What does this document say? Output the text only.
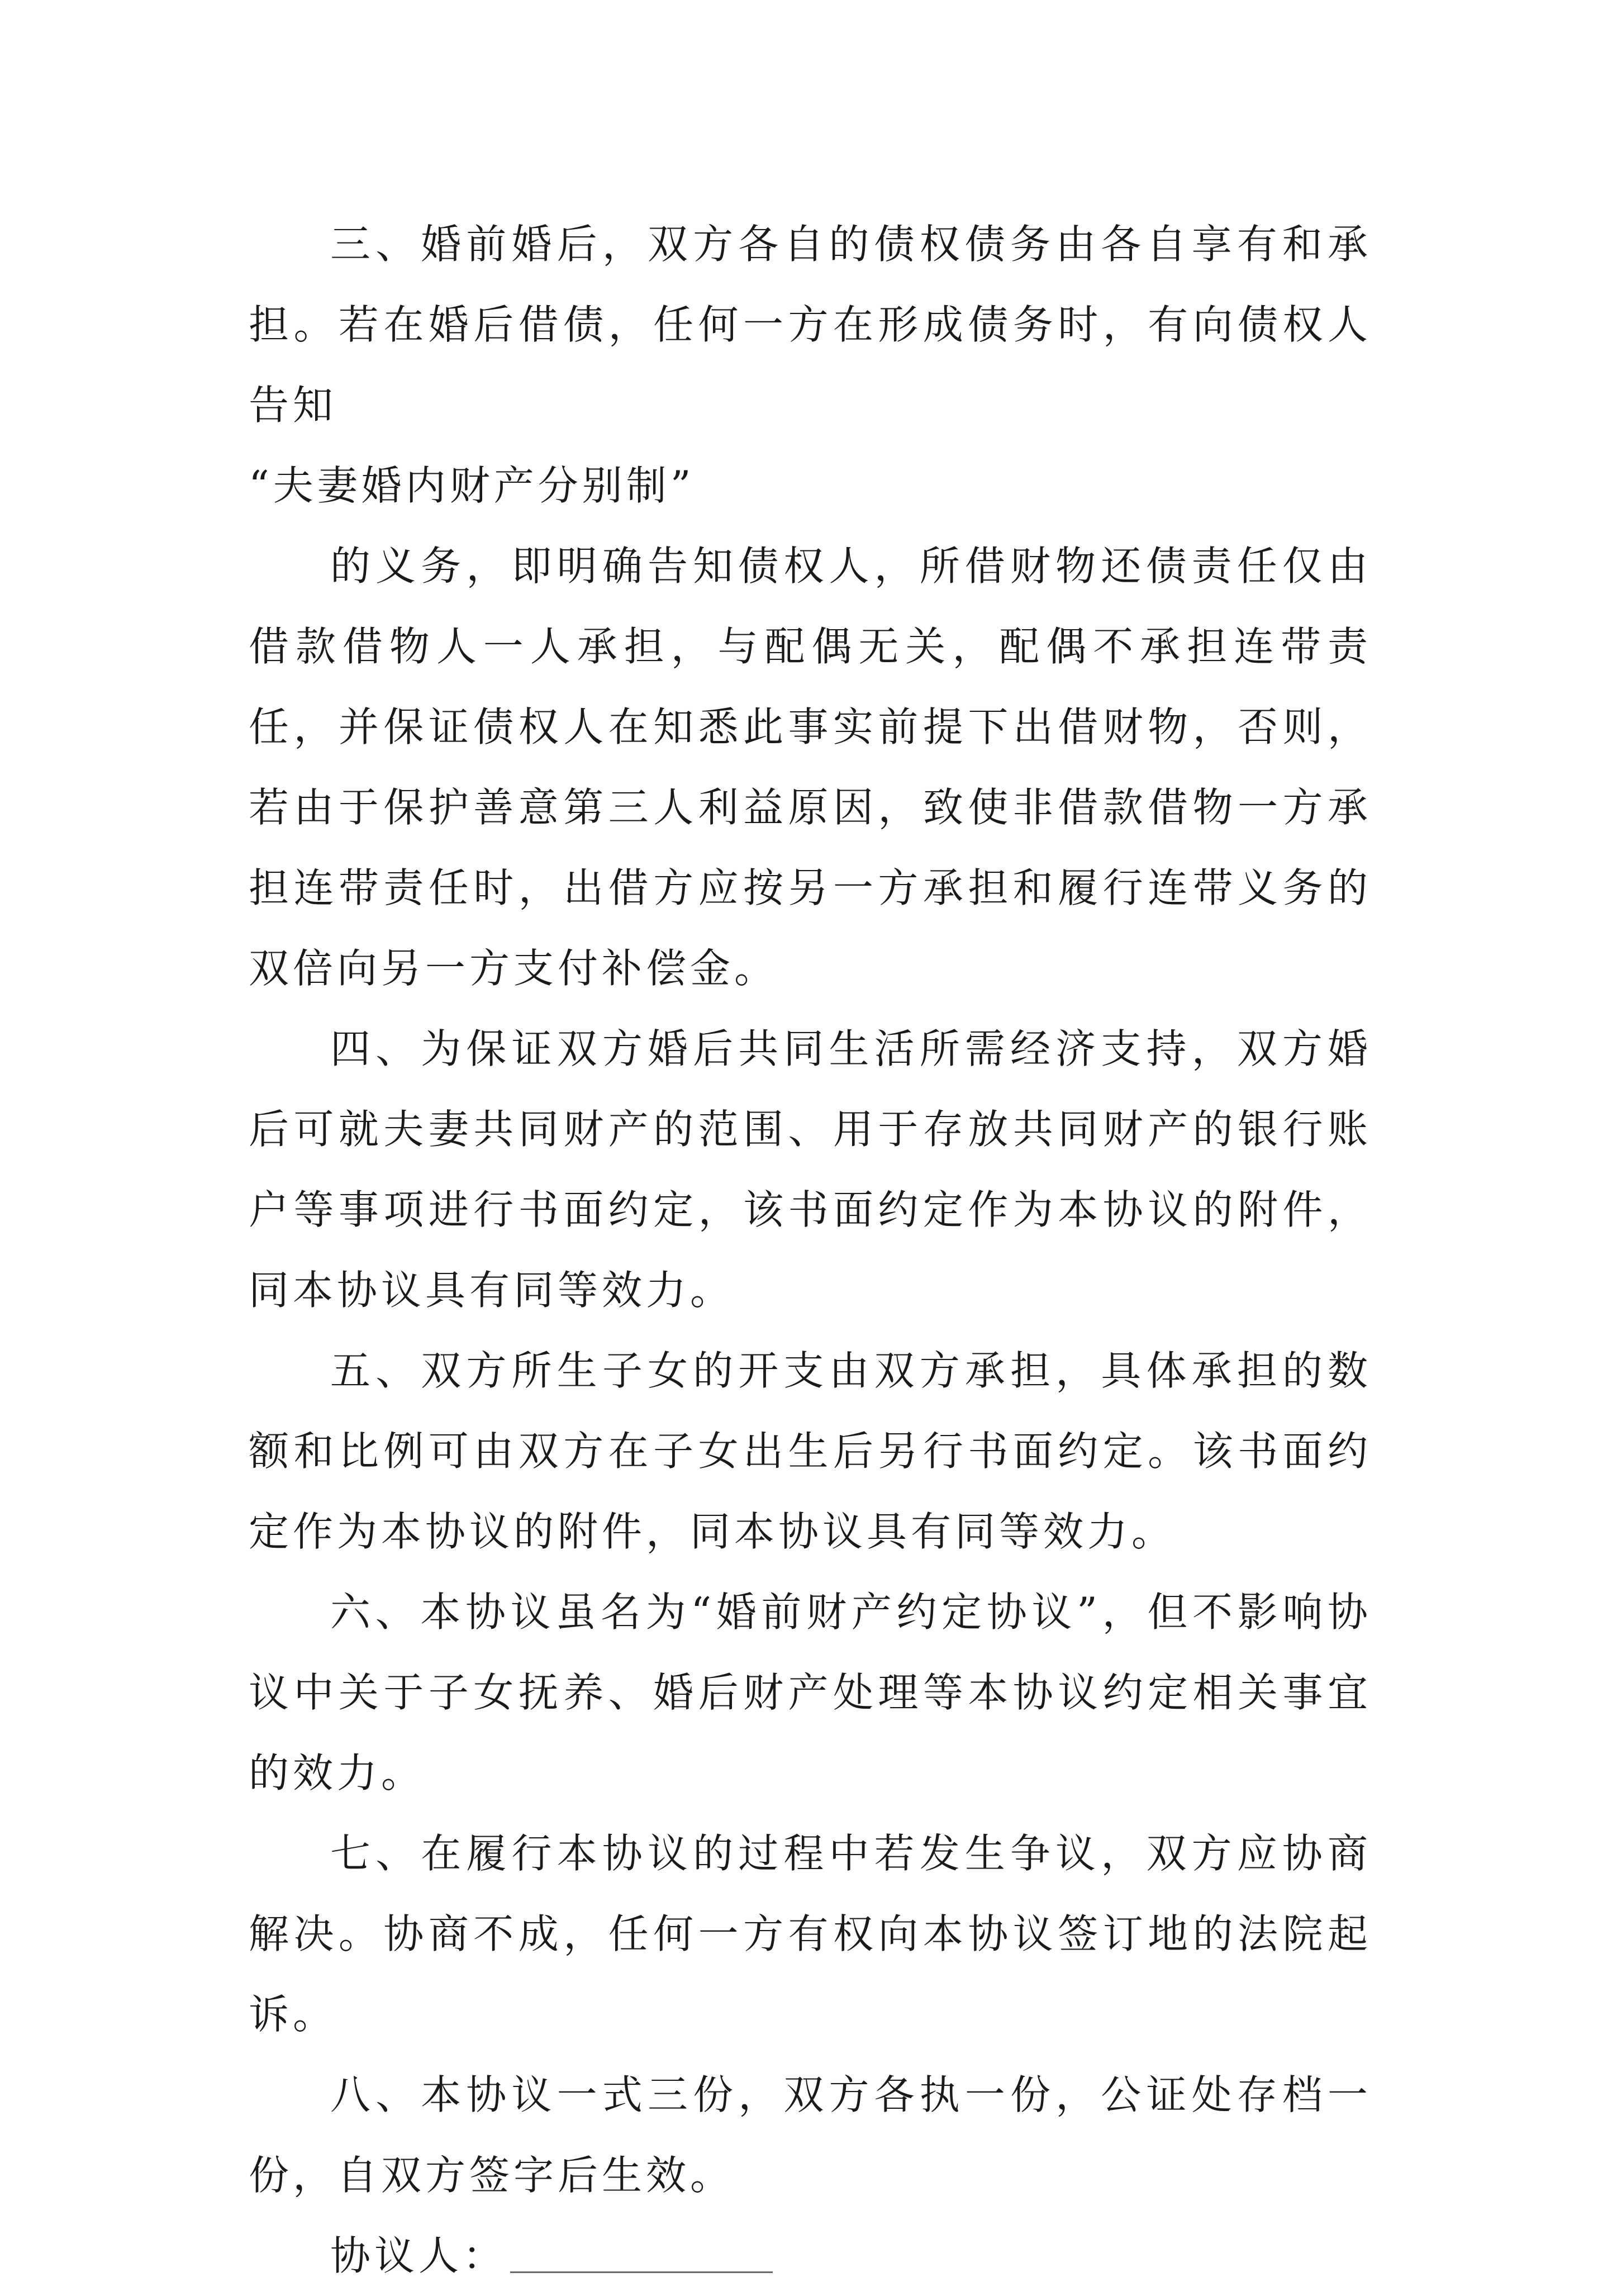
三、婚前婚后，双方各自的债权债务由各自享有和承担。若在婚后借债，任何一方在形成债务时，有向债权人告知

“夫妻婚内财产分别制”

的义务，即明确告知债权人，所借财物还债责任仅由借款借物人一人承担，与配偶无关，配偶不承担连带责任，并保证债权人在知悉此事实前提下出借财物，否则，若由于保护善意第三人利益原因，致使非借款借物一方承担连带责任时，出借方应按另一方承担和履行连带义务的双倍向另一方支付补偿金。

四、为保证双方婚后共同生活所需经济支持，双方婚后可就夫妻共同财产的范围、用于存放共同财产的银行账户等事项进行书面约定，该书面约定作为本协议的附件，同本协议具有同等效力。

五、双方所生子女的开支由双方承担，具体承担的数额和比例可由双方在子女出生后另行书面约定。该书面约定作为本协议的附件，同本协议具有同等效力。

六、本协议虽名为“婚前财产约定协议”，但不影响协议中关于子女抚养、婚后财产处理等本协议约定相关事宜的效力。

七、在履行本协议的过程中若发生争议，双方应协商解决。协商不成，任何一方有权向本协议签订地的法院起诉。

八、本协议一式三份，双方各执一份，公证处存档一份，自双方签字后生效。

协议人：
